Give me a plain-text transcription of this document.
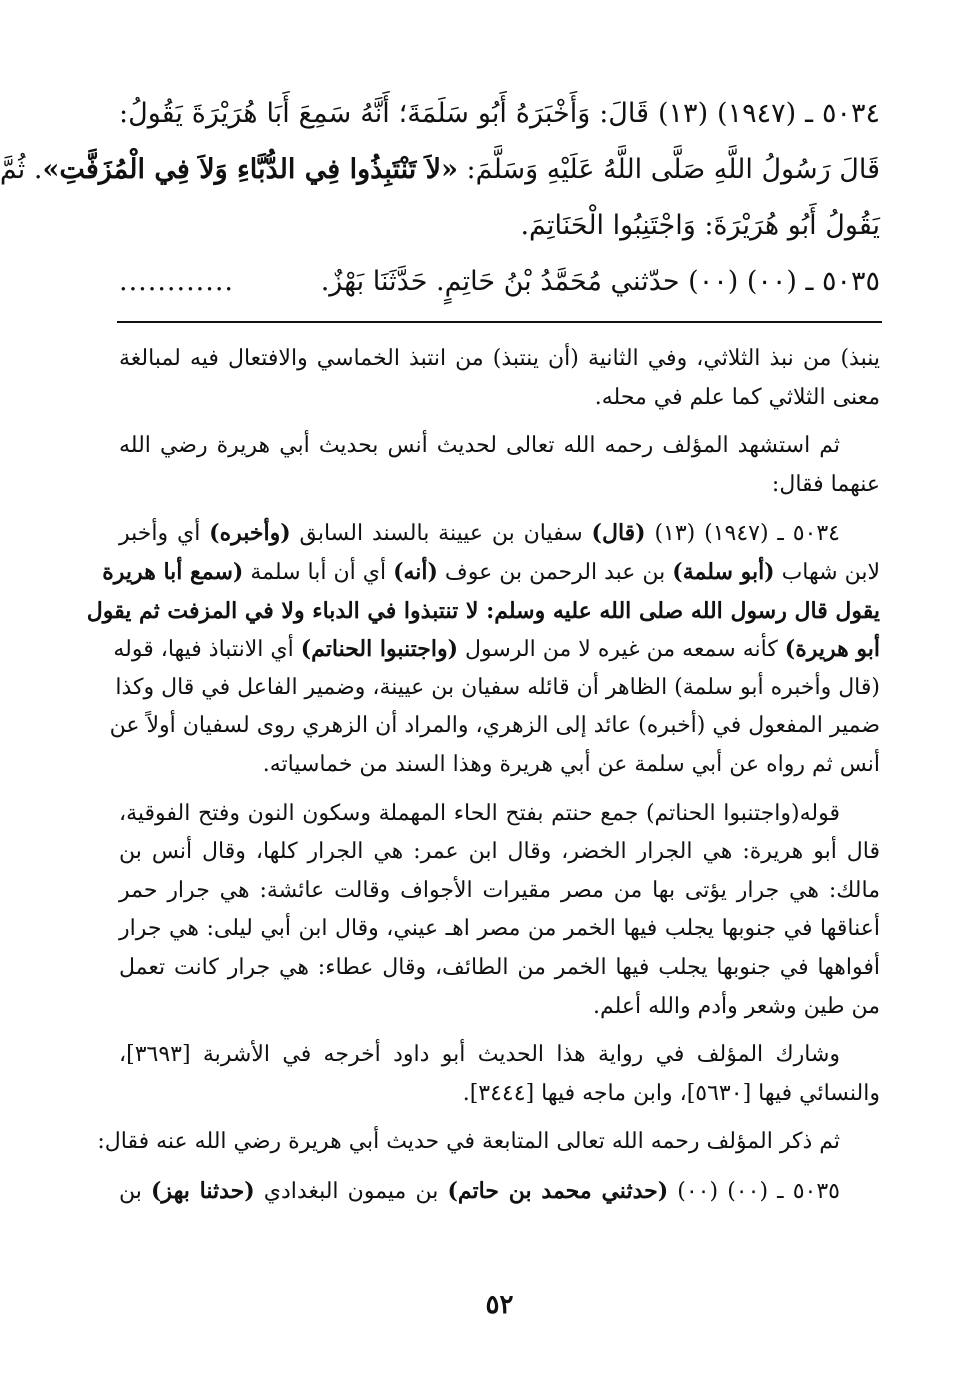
٥٠٣٤ ـ (١٩٤٧) (١٣) قَالَ: وَأَخْبَرَهُ أَبُو سَلَمَةَ؛ أَنَّهُ سَمِعَ أَبَا هُرَيْرَةَ يَقُولُ:
قَالَ رَسُولُ اللَّهِ صَلَّى اللَّهُ عَلَيْهِ وَسَلَّمَ: «لاَ تَنْتَبِذُوا فِي الدُّبَّاءِ وَلاَ فِي الْمُزَفَّتِ». ثُمَّ
يَقُولُ أَبُو هُرَيْرَةَ: وَاجْتَنِبُوا الْحَنَاتِمَ.
٥٠٣٥ ـ (٠٠) (٠٠) حدّثني مُحَمَّدُ بْنُ حَاتِمٍ. حَدَّثَنَا بَهْزٌ.
............
ينبذ) من نبذ الثلاثي، وفي الثانية (أن ينتبذ) من انتبذ الخماسي والافتعال فيه لمبالغة
معنى الثلاثي كما علم في محله.
ثم استشهد المؤلف رحمه الله تعالى لحديث أنس بحديث أبي هريرة رضي الله
عنهما فقال:
٥٠٣٤ ـ (١٩٤٧) (١٣) (قال) سفيان بن عيينة بالسند السابق (وأخبره) أي وأخبر
لابن شهاب (أبو سلمة) بن عبد الرحمن بن عوف (أنه) أي أن أبا سلمة (سمع أبا هريرة
يقول قال رسول الله صلى الله عليه وسلم: لا تنتبذوا في الدباء ولا في المزفت ثم يقول
أبو هريرة) كأنه سمعه من غيره لا من الرسول (واجتنبوا الحناتم) أي الانتباذ فيها، قوله
(قال وأخبره أبو سلمة) الظاهر أن قائله سفيان بن عيينة، وضمير الفاعل في قال وكذا
ضمير المفعول في (أخبره) عائد إلى الزهري، والمراد أن الزهري روى لسفيان أولاً عن
أنس ثم رواه عن أبي سلمة عن أبي هريرة وهذا السند من خماسياته.
قوله(واجتنبوا الحناتم) جمع حنتم بفتح الحاء المهملة وسكون النون وفتح الفوقية،
قال أبو هريرة: هي الجرار الخضر، وقال ابن عمر: هي الجرار كلها، وقال أنس بن
مالك: هي جرار يؤتى بها من مصر مقيرات الأجواف وقالت عائشة: هي جرار حمر
أعناقها في جنوبها يجلب فيها الخمر من مصر اهـ عيني، وقال ابن أبي ليلى: هي جرار
أفواهها في جنوبها يجلب فيها الخمر من الطائف، وقال عطاء: هي جرار كانت تعمل
من طين وشعر وأدم والله أعلم.
وشارك المؤلف في رواية هذا الحديث أبو داود أخرجه في الأشربة [٣٦٩٣]،
والنسائي فيها [٥٦٣٠]، وابن ماجه فيها [٣٤٤٤].
ثم ذكر المؤلف رحمه الله تعالى المتابعة في حديث أبي هريرة رضي الله عنه فقال:
٥٠٣٥ ـ (٠٠) (٠٠) (حدثني محمد بن حاتم) بن ميمون البغدادي (حدثنا بهز) بن
٥٢
